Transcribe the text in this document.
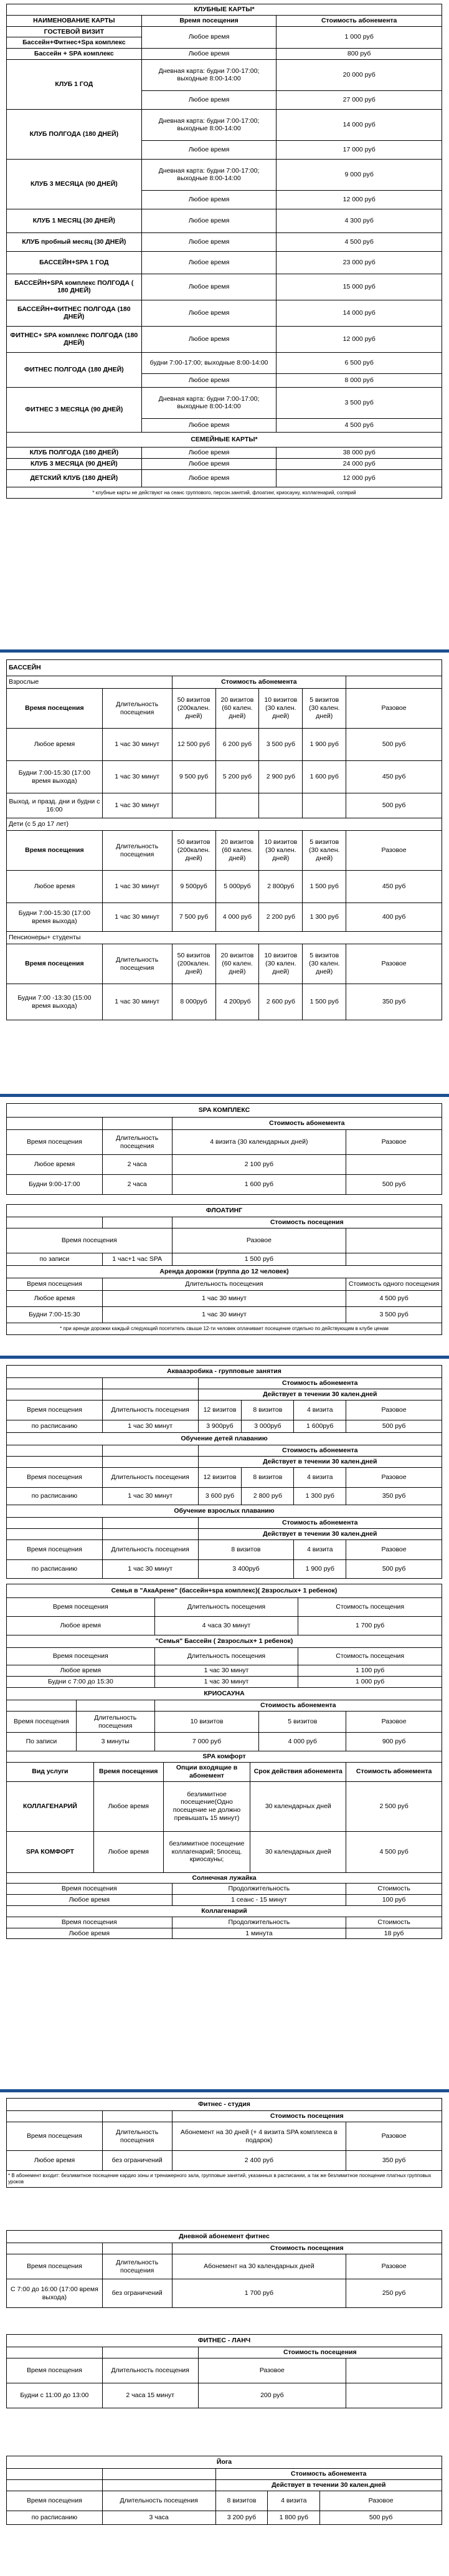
КЛУБНЫЕ КАРТЫ*		
НАИМЕНОВАНИЕ КАРТЫ	Время посещения	Стоимость абонемента
ГОСТЕВОЙ ВИЗИТ	Любое время	1 000 руб
Бассейн+Фитнес+Spa комплекс		
Бассейн + SPA комплекс	Любое время	800 руб
КЛУБ 1 ГОД	Дневная карта: будни 7:00-17:00; выходные 8:00-14:00	20 000 руб
	Любое время	27 000 руб
КЛУБ ПОЛГОДА (180 ДНЕЙ)	Дневная карта: будни 7:00-17:00; выходные 8:00-14:00	14 000 руб
	Любое время	17 000 руб
КЛУБ 3 МЕСЯЦА (90 ДНЕЙ)	Дневная карта: будни 7:00-17:00; выходные 8:00-14:00	9 000 руб
	Любое время	12 000 руб
КЛУБ 1 МЕСЯЦ (30 ДНЕЙ)	Любое время	4 300 руб
КЛУБ пробный месяц (30 ДНЕЙ)	Любое время	4 500 руб
БАССЕЙН+SPA 1 ГОД	Любое время	23 000 руб
БАССЕЙН+SPA комплекс ПОЛГОДА ( 180 ДНЕЙ)	Любое время	15 000 руб
БАССЕЙН+ФИТНЕС ПОЛГОДА (180 ДНЕЙ)	Любое время	14 000 руб
ФИТНЕС+ SPA комплекс ПОЛГОДА (180 ДНЕЙ)	Любое время	12 000 руб
ФИТНЕС ПОЛГОДА (180 ДНЕЙ)	будни 7:00-17:00; выходные 8:00-14:00	6 500 руб
	Любое время	8 000 руб
ФИТНЕС 3 МЕСЯЦА (90 ДНЕЙ)	Дневная карта: будни 7:00-17:00; выходные 8:00-14:00	3 500 руб
	Любое время	4 500 руб
СЕМЕЙНЫЕ КАРТЫ*		
КЛУБ ПОЛГОДА (180 ДНЕЙ)	Любое время	38 000 руб
КЛУБ 3 МЕСЯЦА (90 ДНЕЙ)	Любое время	24 000 руб
ДЕТСКИЙ КЛУБ (180 ДНЕЙ)	Любое время	12 000 руб
* клубные карты не действуют на сеанс группового, персон.занятий, флоатинг, криосауну, коллагенарий, солярий		
БАССЕЙН						
Взрослые		Стоимость абонемента				
Время посещения	Длительность посещения	50 визитов (200кален. дней)	20 визитов (60 кален. дней)	10 визитов (30 кален. дней)	5 визитов (30 кален. дней)	Разовое
Любое время	1 час 30 минут	12 500 руб	6 200 руб	3 500 руб	1 900 руб	500 руб
Будни 7:00-15:30 (17:00 время выхода)	1 час 30 минут	9 500 руб	5 200 руб	2 900 руб	1 600 руб	450 руб
Выход. и празд. дни и будни с 16:00	1 час 30 минут					500 руб
Дети (с 5 до 17 лет)						
Время посещения	Длительность посещения	50 визитов (200кален. дней)	20 визитов (60 кален. дней)	10 визитов (30 кален. дней)	5 визитов (30 кален. дней)	Разовое
Любое время	1 час 30 минут	9 500руб	5 000руб	2 800руб	1 500 руб	450 руб
Будни 7:00-15:30 (17:00 время выхода)	1 час 30 минут	7 500 руб	4 000 руб	2 200 руб	1 300 руб	400 руб
Пенсионеры+ студенты						
Время посещения	Длительность посещения	50 визитов (200кален. дней)	20 визитов (60 кален. дней)	10 визитов (30 кален. дней)	5 визитов (30 кален. дней)	Разовое
Будни 7:00 -13:30 (15:00 время выхода)	1 час 30 минут	8 000руб	4 200руб	2 600 руб	1 500 руб	350 руб
SPA КОМПЛЕКС			
		Стоимость абонемента	
Время посещения	Длительность посещения	4 визита (30 календарных дней)	Разовое
Любое время	2 часа	2 100 руб	
Будни 9:00-17:00	2 часа	1 600 руб	500 руб
ФЛОАТИНГ			
		Стоимость посещения	
Время посещения		Разовое	
по записи	1 час+1 час SPA	1 500 руб	
Аренда дорожки (группа до 12 человек)			
Время посещения	Длительность посещения		Стоимость одного посещения
Любое время	1 час 30 минут		4 500 руб
Будни 7:00-15:30	1 час 30 минут		3 500 руб
* при аренде дорожки каждый следующий посетитель свыше 12-ти человек оплачивает посещение отдельно по действующим в клубе ценам			
Аквааэробика - групповые занятия					
		Стоимость абонемента			
		Действует в течении 30 кален.дней			
Время посещения	Длительность посещения	12 визитов	8 визитов	4 визита	Разовое
по расписанию	1 час 30 минут	3 900руб	3 000руб	1 600руб	500 руб
Обучение детей плаванию					
		Стоимость абонемента			
		Действует в течении 30 кален.дней			
Время посещения	Длительность посещения	12 визитов	8 визитов	4 визита	Разовое
по расписанию	1 час 30 минут	3 600 руб	2 800 руб	1 300 руб	350 руб
Обучение взрослых плаванию				
		Стоимость абонемента		
		Действует в течении 30 кален.дней		
Время посещения	Длительность посещения	8 визитов	4 визита	Разовое
по расписанию	1 час 30 минут	3 400руб	1 900 руб	500 руб
Семья в "АкаАрене" (бассейн+spa комплекс)( 2взрослых+ 1 ребенок)		
Время посещения	Длительность посещения	Стоимость посещения
Любое время	4 часа 30 минут	1 700 руб
"Семья" Бассейн ( 2взрослых+ 1 ребенок)		
Время посещения	Длительность посещения	Стоимость посещения
Любое время	1 час 30 минут	1 100 руб
Будни с 7:00 до 15:30	1 час 30 минут	1 000 руб
КРИОСАУНА				
		Стоимость абонемента		
Время посещения	Длительность посещения	10 визитов	5 визитов	Разовое
По записи	3 минуты	7 000 руб	4 000 руб	900 руб
SPA комфорт				
Вид услуги	Время посещения	Опции входящие в абонемент	Срок действия абонемента	Стоимость абонемента
КОЛЛАГЕНАРИЙ	Любое время	безлимитное посещение(Одно посещение не должно превышать 15 минут)	30 календарных дней	2 500 руб
SPA КОМФОРТ	Любое время	безлимитное посещение коллагенарий; 5посещ. криосауны;	30 календарных дней	4 500 руб
Солнечная лужайка		
Время посещения	Продолжительность	Стоимость
Любое время	1 сеанс - 15 минут	100 руб
Коллагенарий		
Время посещения	Продолжительность	Стоимость
Любое время	1 минута	18 руб
Фитнес - студия			
		Стоимость посещения	
Время посещения	Длительность посещения	Абонемент на 30 дней (+ 4 визита SPA комплекса в подарок)	Разовое
Любое время	без ограничений	2 400 руб	350 руб
* В абонемент входит: безлимитное посещение кардио зоны и тренажерного зала, групповые занятий, указанных в расписании, а так же безлимитное посещение платных групповых уроков			
Дневной абонемент фитнес			
		Стоимость посещения	
Время посещения	Длительность посещения	Абонемент на 30 календарных дней	Разовое
С 7:00 до 16:00 (17:00 время выхода)	без ограничений	1 700 руб	250 руб
ФИТНЕС - ЛАНЧ			
		Стоимость посещения	
Время посещения	Длительность посещения	Разовое	
Будни с 11:00 до 13:00	2 часа 15 минут	200 руб	
Йога				
		Стоимость абонемента		
		Действует в течении 30 кален.дней		
Время посещения	Длительность посещения	8 визитов	4 визита	Разовое
по расписанию	3 часа	3 200 руб	1 800 руб	500 руб
